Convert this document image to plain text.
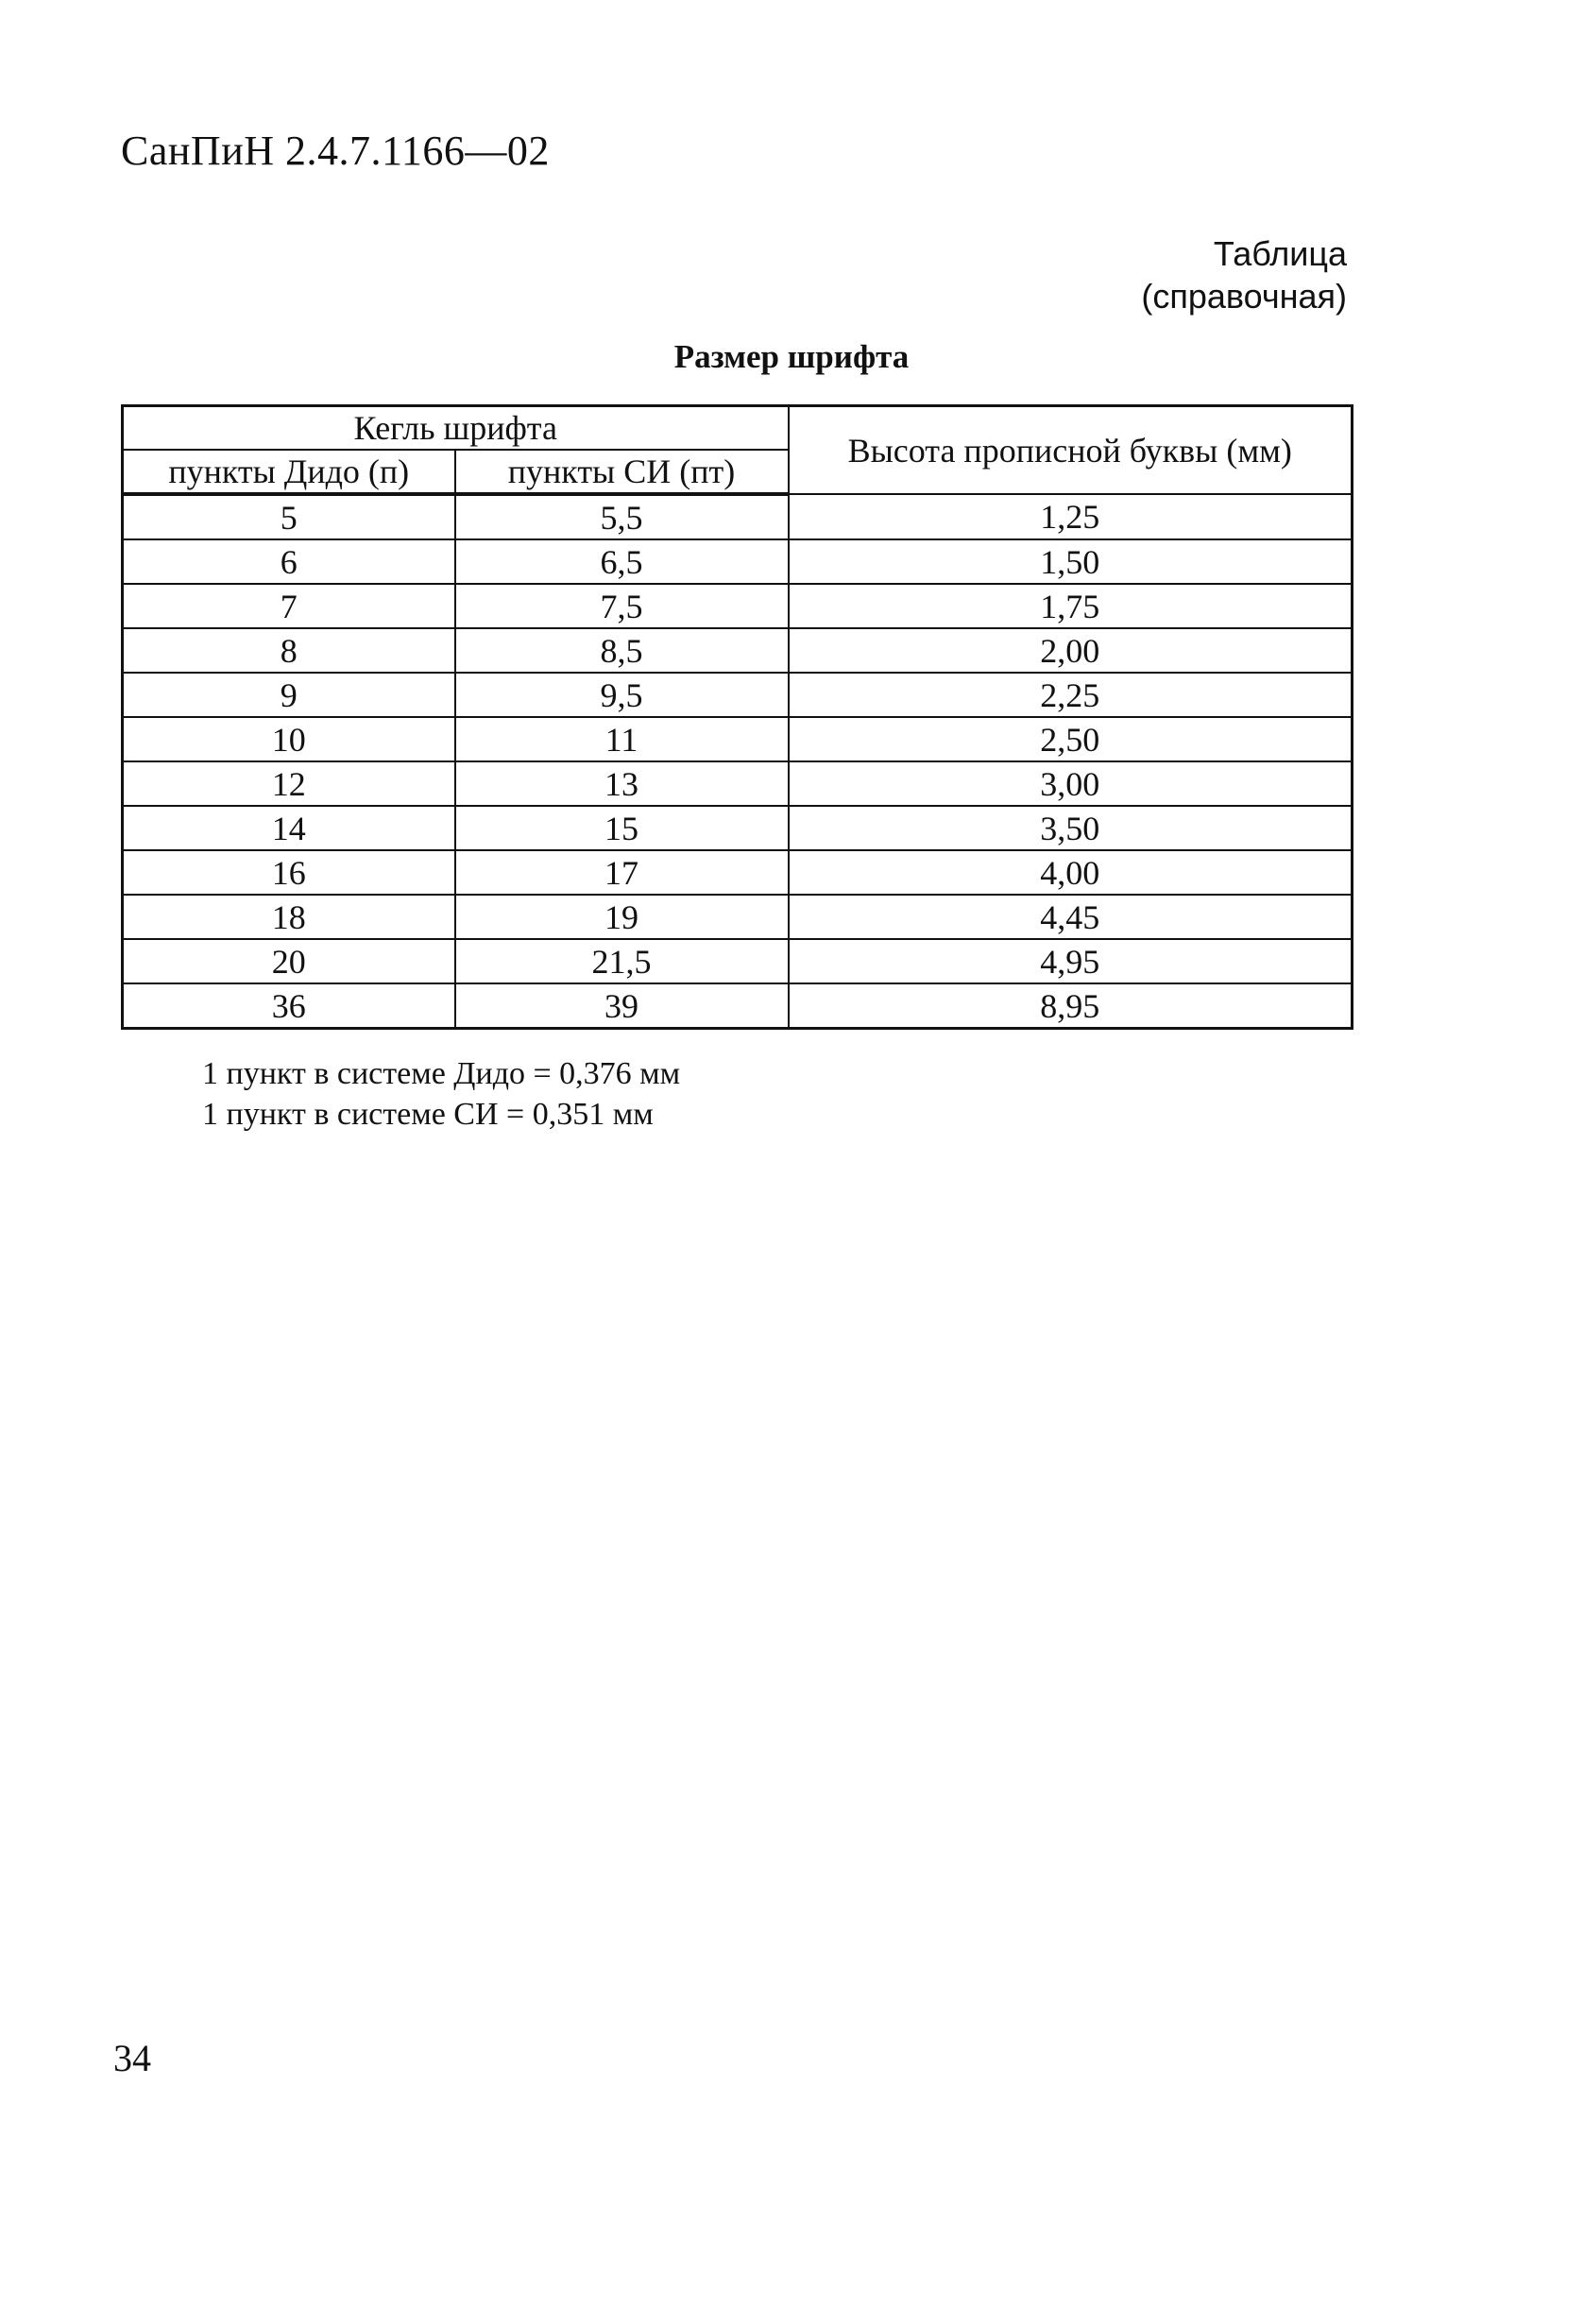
СанПиН 2.4.7.1166—02
Таблица
(справочная)
Размер шрифта
Кегль шрифта		Высота прописной буквы (мм)
пункты Дидо (п)	пункты СИ (пт)	
5	5,5	1,25
6	6,5	1,50
7	7,5	1,75
8	8,5	2,00
9	9,5	2,25
10	11	2,50
12	13	3,00
14	15	3,50
16	17	4,00
18	19	4,45
20	21,5	4,95
36	39	8,95
1 пункт в системе Дидо = 0,376 мм
1 пункт в системе СИ = 0,351 мм
34
